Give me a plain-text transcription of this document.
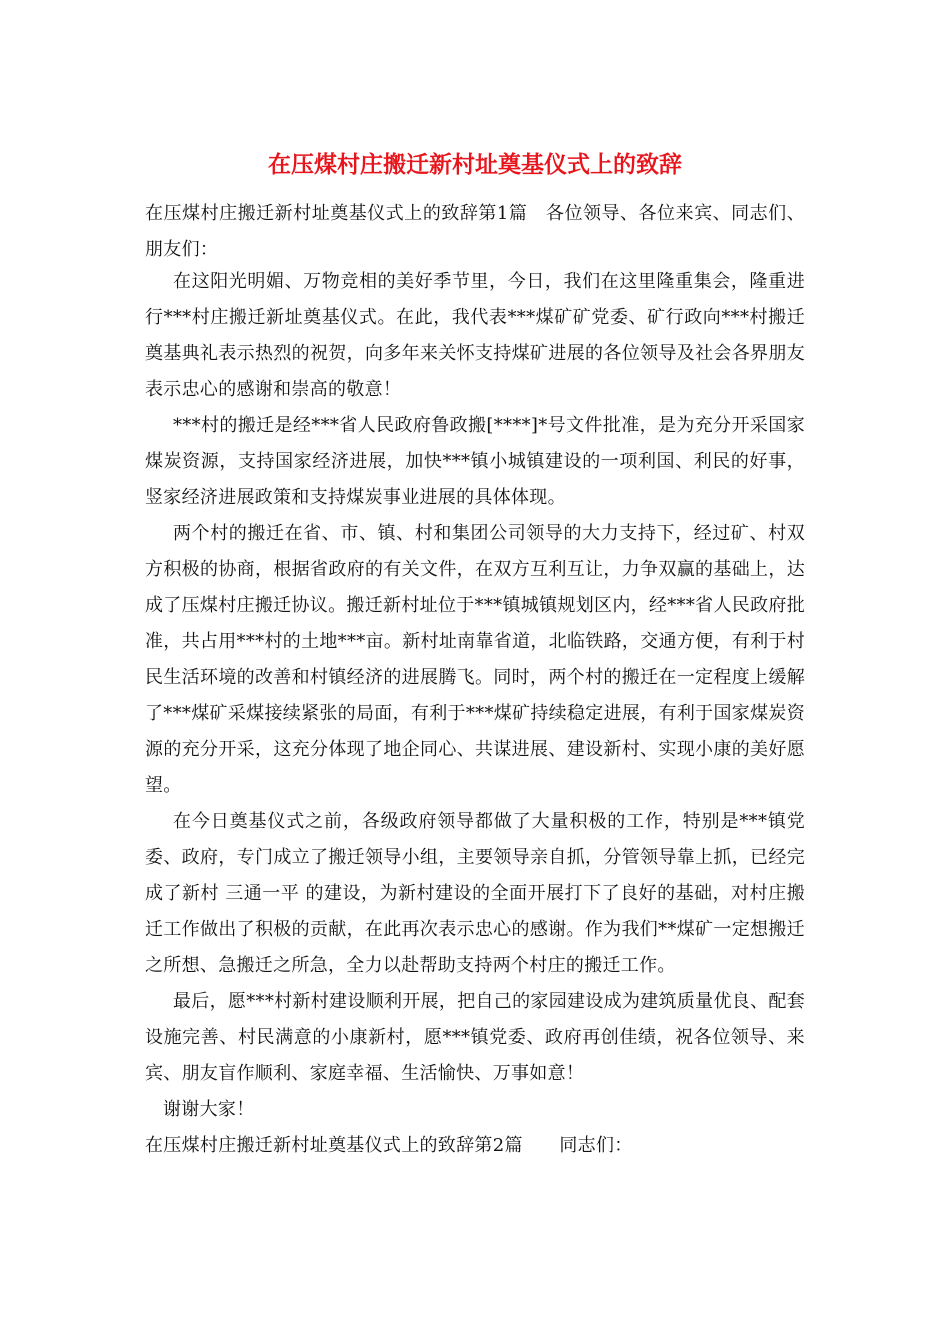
在压煤村庄搬迁新村址奠基仪式上的致辞

在压煤村庄搬迁新村址奠基仪式上的致辞第1篇　各位领导、各位来宾、同志们、朋友们：

在这阳光明媚、万物竞相的美好季节里，今日，我们在这里隆重集会，隆重进行***村庄搬迁新址奠基仪式。在此，我代表***煤矿矿党委、矿行政向***村搬迁奠基典礼表示热烈的祝贺，向多年来关怀支持煤矿进展的各位领导及社会各界朋友表示忠心的感谢和崇高的敬意！

***村的搬迁是经***省人民政府鲁政搬[****]*号文件批准，是为充分开采国家煤炭资源，支持国家经济进展，加快***镇小城镇建设的一项利国、利民的好事，竖家经济进展政策和支持煤炭事业进展的具体体现。

两个村的搬迁在省、市、镇、村和集团公司领导的大力支持下，经过矿、村双方积极的协商，根据省政府的有关文件，在双方互利互让，力争双赢的基础上，达成了压煤村庄搬迁协议。搬迁新村址位于***镇城镇规划区内，经***省人民政府批准，共占用***村的土地***亩。新村址南靠省道，北临铁路，交通方便，有利于村民生活环境的改善和村镇经济的进展腾飞。同时，两个村的搬迁在一定程度上缓解了***煤矿采煤接续紧张的局面，有利于***煤矿持续稳定进展，有利于国家煤炭资源的充分开采，这充分体现了地企同心、共谋进展、建设新村、实现小康的美好愿望。

在今日奠基仪式之前，各级政府领导都做了大量积极的工作，特别是***镇党委、政府，专门成立了搬迁领导小组，主要领导亲自抓，分管领导靠上抓，已经完成了新村 三通一平 的建设，为新村建设的全面开展打下了良好的基础，对村庄搬迁工作做出了积极的贡献，在此再次表示忠心的感谢。作为我们**煤矿一定想搬迁之所想、急搬迁之所急，全力以赴帮助支持两个村庄的搬迁工作。

最后，愿***村新村建设顺利开展，把自己的家园建设成为建筑质量优良、配套设施完善、村民满意的小康新村，愿***镇党委、政府再创佳绩，祝各位领导、来宾、朋友盲作顺利、家庭幸福、生活愉快、万事如意！

谢谢大家！

在压煤村庄搬迁新村址奠基仪式上的致辞第2篇　　同志们：
